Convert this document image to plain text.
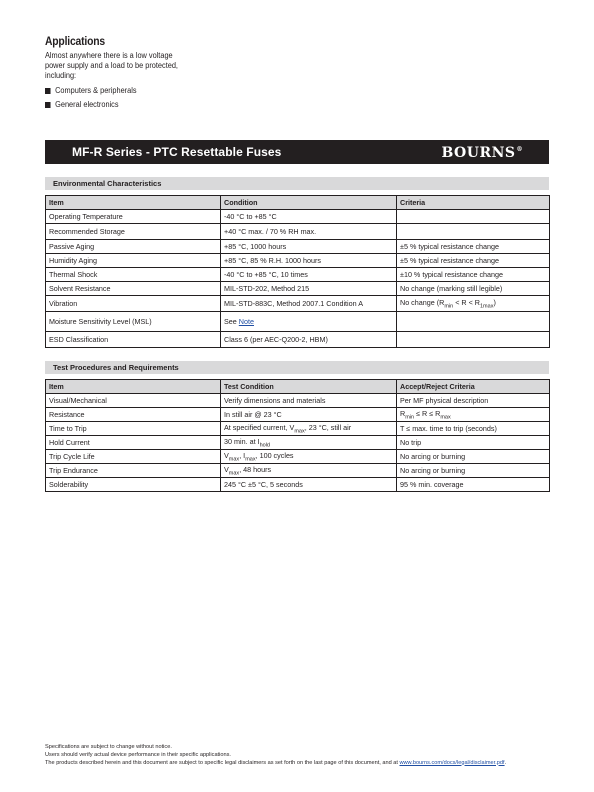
Applications
Almost anywhere there is a low voltage
power supply and a load to be protected,
including:
Computers & peripherals
General electronics
MF-R Series - PTC Resettable Fuses	BOURNS®
Environmental Characteristics
Item	Condition	Criteria
Operating Temperature	-40 °C to +85 °C	
Recommended Storage	+40 °C max. / 70 % RH max.	
Passive Aging	+85 °C, 1000 hours	±5 % typical resistance change
Humidity Aging	+85 °C, 85 % R.H. 1000 hours	±5 % typical resistance change
Thermal Shock	-40 °C to +85 °C, 10 times	±10 % typical resistance change
Solvent Resistance	MIL-STD-202, Method 215	No change (marking still legible)
Vibration	MIL-STD-883C, Method 2007.1 Condition A	No change $(R_{min} < R < R_{1max})$
Moisture Sensitivity Level (MSL)	See Note	
ESD Classification	Class 6 (per AEC-Q200-2, HBM)	
Test Procedures and Requirements
Item	Test Condition	Accept/Reject Criteria
Visual/Mechanical	Verify dimensions and materials	Per MF physical description
Resistance	In still air @ 23 °C	$R_{min} \le R \le R_{max}$
Time to Trip	At specified current, $V_{max}$, 23 °C, still air	T ≤ max. time to trip (seconds)
Hold Current	30 min. at $I_{hold}$	No trip
Trip Cycle Life	$V_{max}$, $I_{max}$, 100 cycles	No arcing or burning
Trip Endurance	$V_{max}$, 48 hours	No arcing or burning
Solderability	245 °C ±5 °C, 5 seconds	95 % min. coverage
Specifications are subject to change without notice.
Users should verify actual device performance in their specific applications.
The products described herein and this document are subject to specific legal disclaimers as set forth on the last page of this document, and at www.bourns.com/docs/legal/disclaimer.pdf.
